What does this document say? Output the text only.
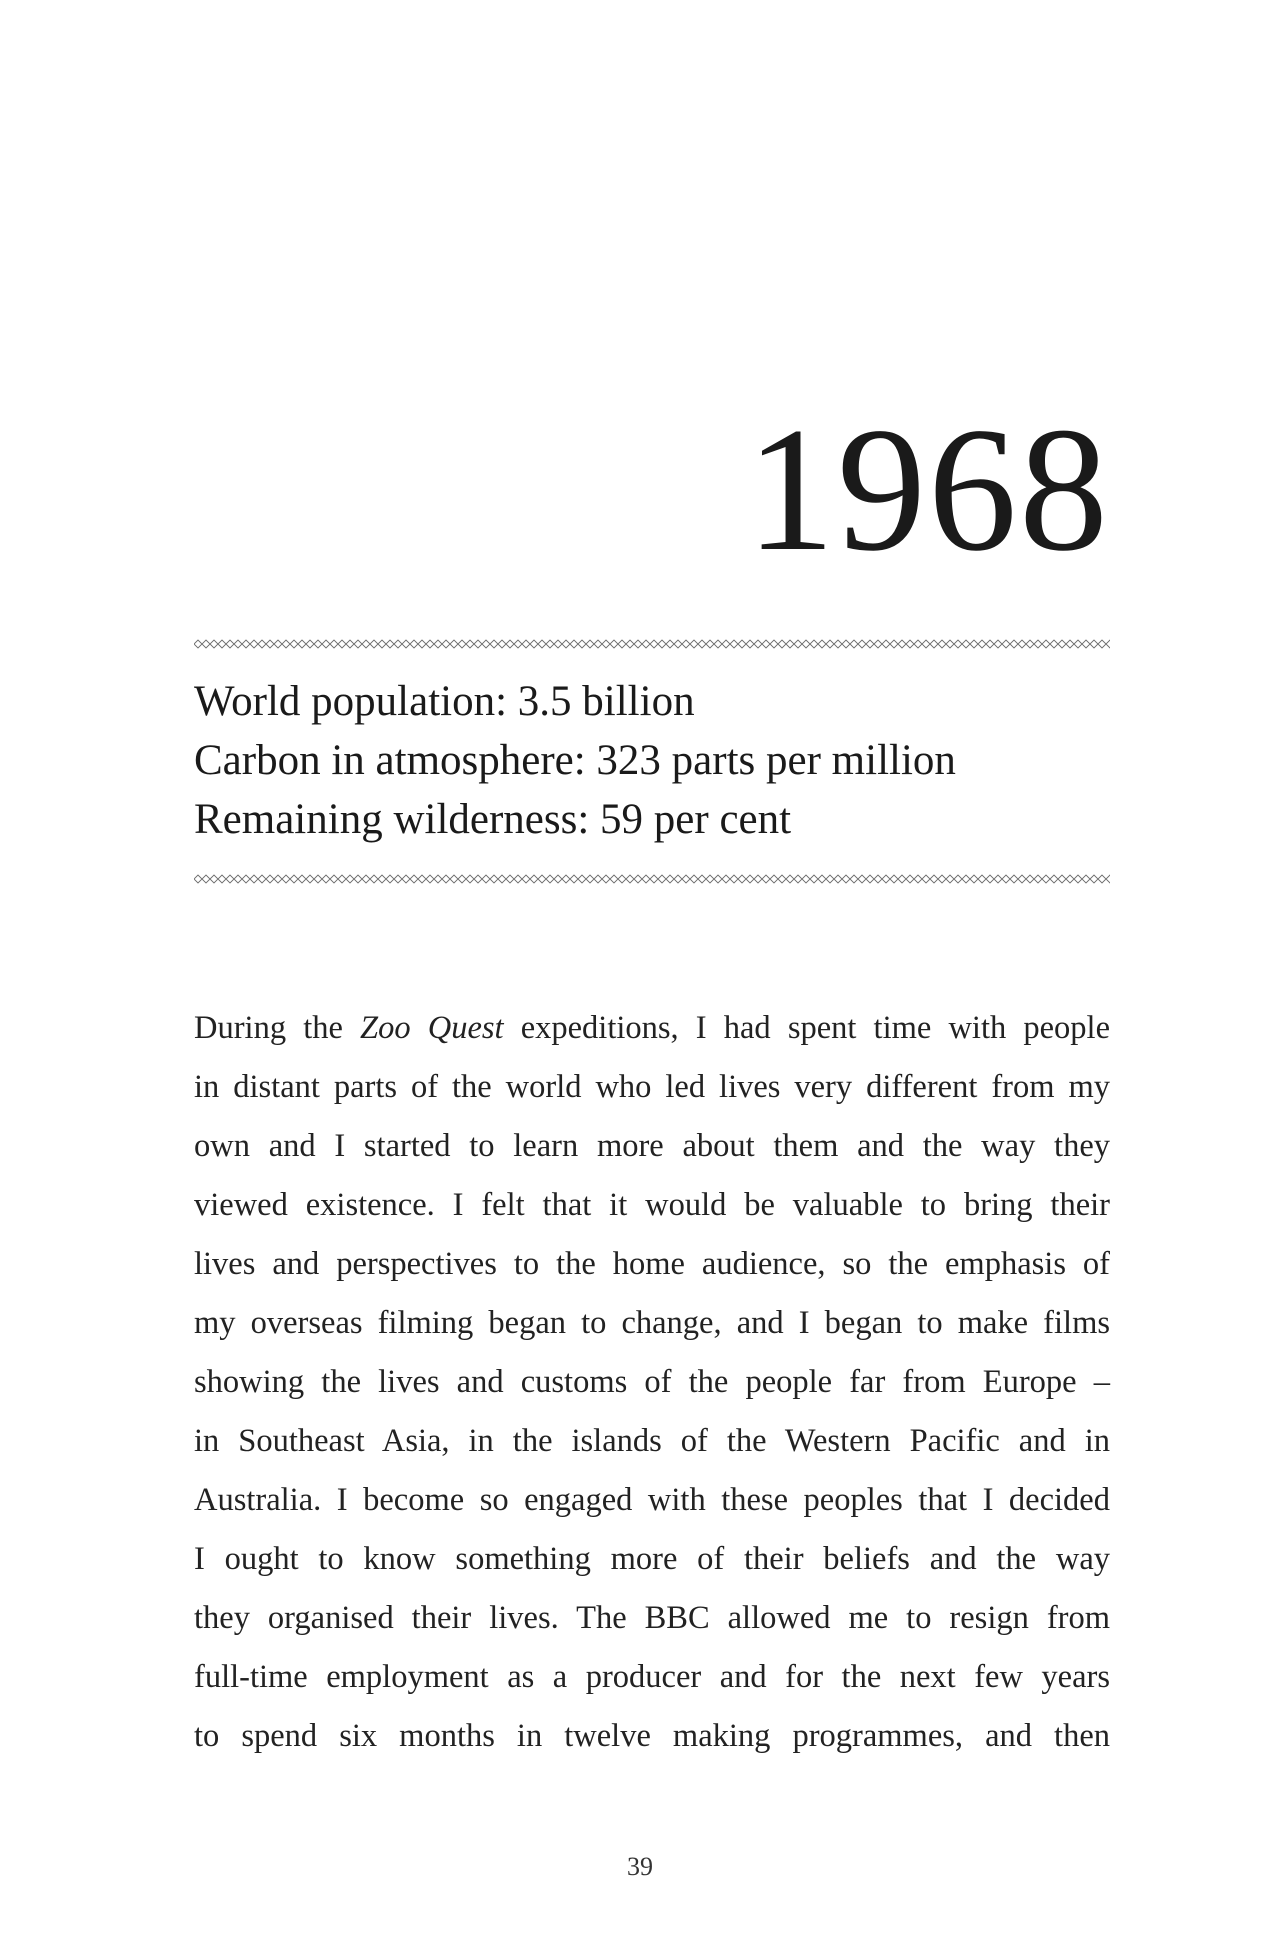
1968
World population: 3.5 billion
Carbon in atmosphere: 323 parts per million
Remaining wilderness: 59 per cent
During the Zoo Quest expeditions, I had spent time with people
in distant parts of the world who led lives very different from my
own and I started to learn more about them and the way they
viewed existence. I felt that it would be valuable to bring their
lives and perspectives to the home audience, so the emphasis of
my overseas filming began to change, and I began to make films
showing the lives and customs of the people far from Europe –
in Southeast Asia, in the islands of the Western Pacific and in
Australia. I become so engaged with these peoples that I decided
I ought to know something more of their beliefs and the way
they organised their lives. The BBC allowed me to resign from
full-time employment as a producer and for the next few years
to spend six months in twelve making programmes, and then
39
